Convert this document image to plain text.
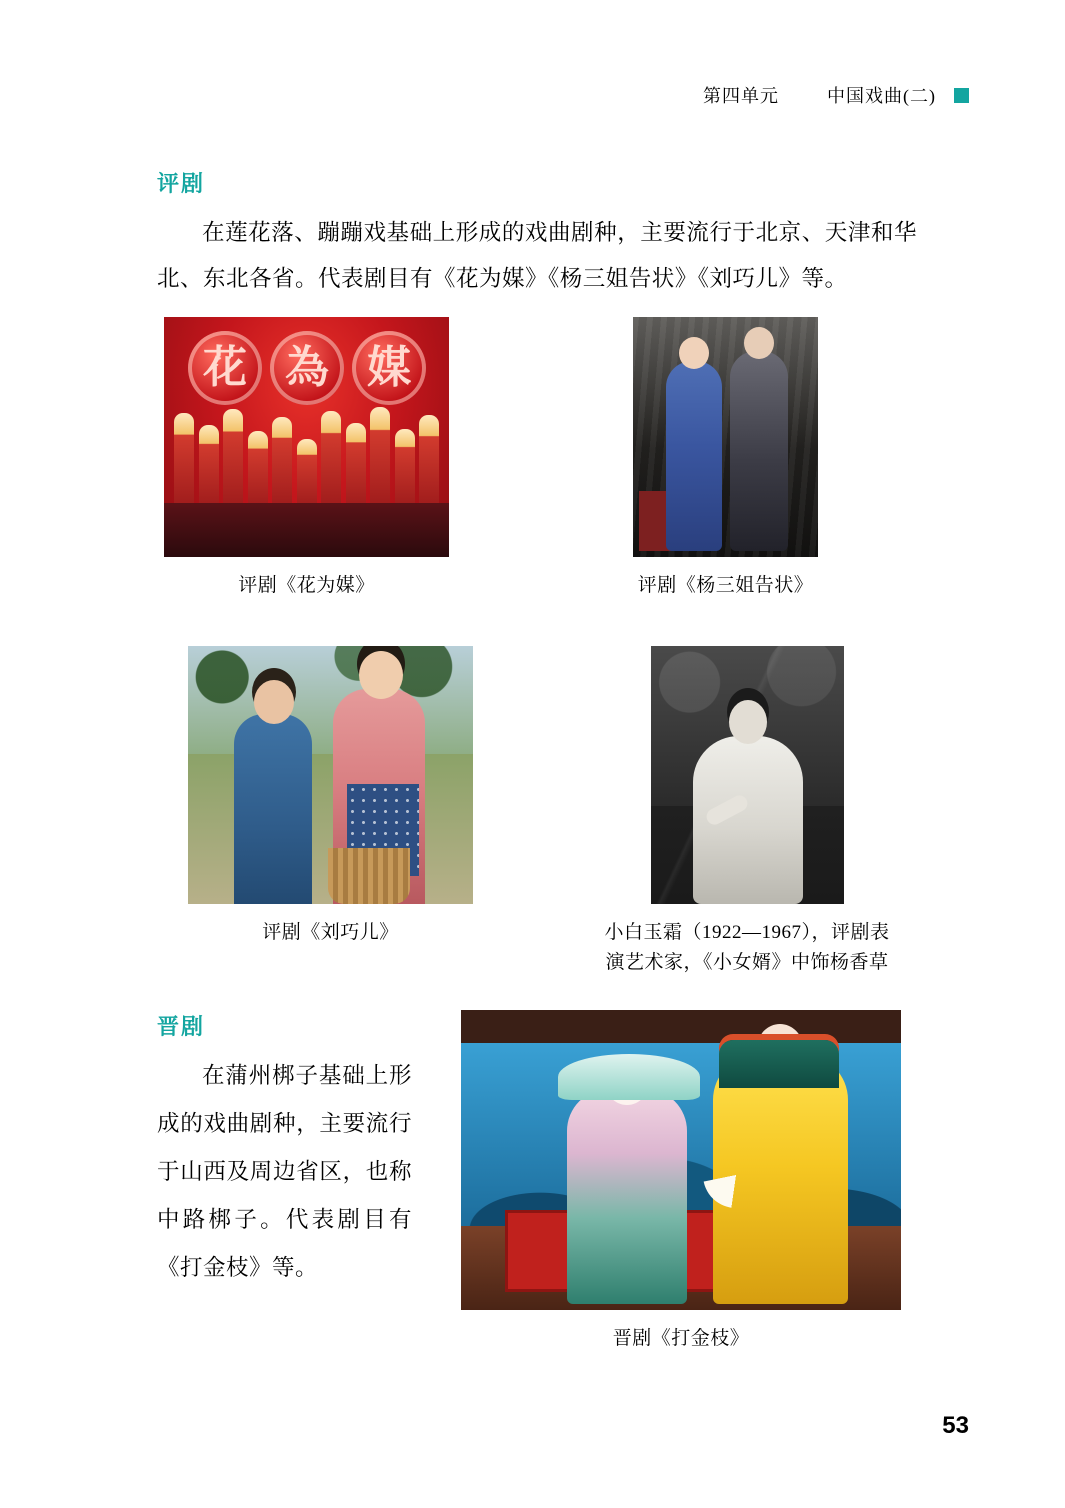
第四单元	中国戏曲(二)
评剧
在莲花落、蹦蹦戏基础上形成的戏曲剧种，主要流行于北京、天津和华北、东北各省。代表剧目有《花为媒》《杨三姐告状》《刘巧儿》等。
花 為 媒
评剧《花为媒》	评剧《杨三姐告状》
评剧《刘巧儿》	小白玉霜（1922—1967），评剧表
演艺术家，《小女婿》中饰杨香草
晋剧
在蒲州梆子基础上形成的戏曲剧种，主要流行于山西及周边省区，也称中路梆子。代表剧目有《打金枝》等。
晋剧《打金枝》
53
